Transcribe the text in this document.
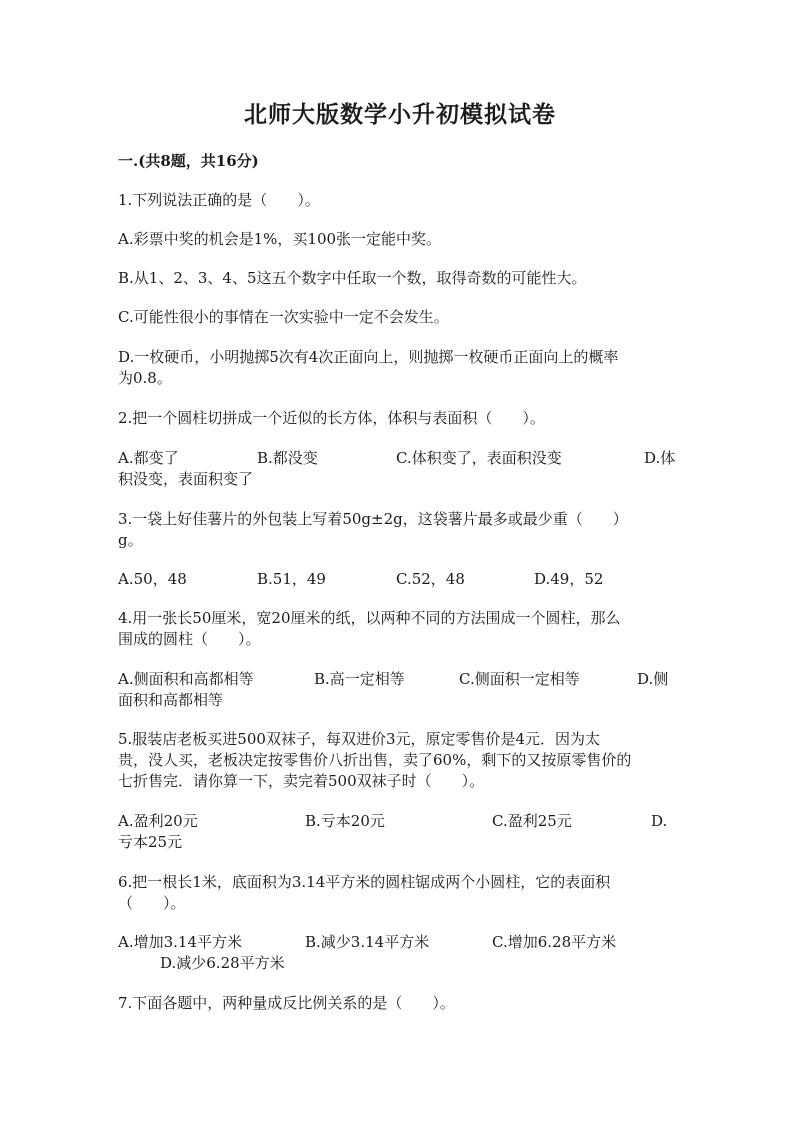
北师大版数学小升初模拟试卷
一.(共8题，共16分)
1.下列说法正确的是（　　）。
A.彩票中奖的机会是1%，买100张一定能中奖。
B.从1、2、3、4、5这五个数字中任取一个数，取得奇数的可能性大。
C.可能性很小的事情在一次实验中一定不会发生。
D.一枚硬币，小明抛掷5次有4次正面向上，则抛掷一枚硬币正面向上的概率
为0.8。
2.把一个圆柱切拼成一个近似的长方体，体积与表面积（　　）。
A.都变了	B.都没变	C.体积变了，表面积没变	D.体
积没变，表面积变了
3.一袋上好佳薯片的外包装上写着50g±2g，这袋薯片最多或最少重（　　）
g。
A.50，48	B.51，49	C.52，48	D.49，52
4.用一张长50厘米，宽20厘米的纸，以两种不同的方法围成一个圆柱，那么
围成的圆柱（　　）。
A.侧面积和高都相等	B.高一定相等	C.侧面积一定相等	D.侧
面积和高都相等
5.服装店老板买进500双袜子，每双进价3元，原定零售价是4元．因为太
贵，没人买，老板决定按零售价八折出售，卖了60%，剩下的又按原零售价的
七折售完．请你算一下，卖完着500双袜子时（　　）。
A.盈利20元	B.亏本20元	C.盈利25元	D.
亏本25元
6.把一根长1米，底面积为3.14平方米的圆柱锯成两个小圆柱，它的表面积
（　　）。
A.增加3.14平方米	B.减少3.14平方米	C.增加6.28平方米
D.减少6.28平方米
7.下面各题中，两种量成反比例关系的是（　　）。
